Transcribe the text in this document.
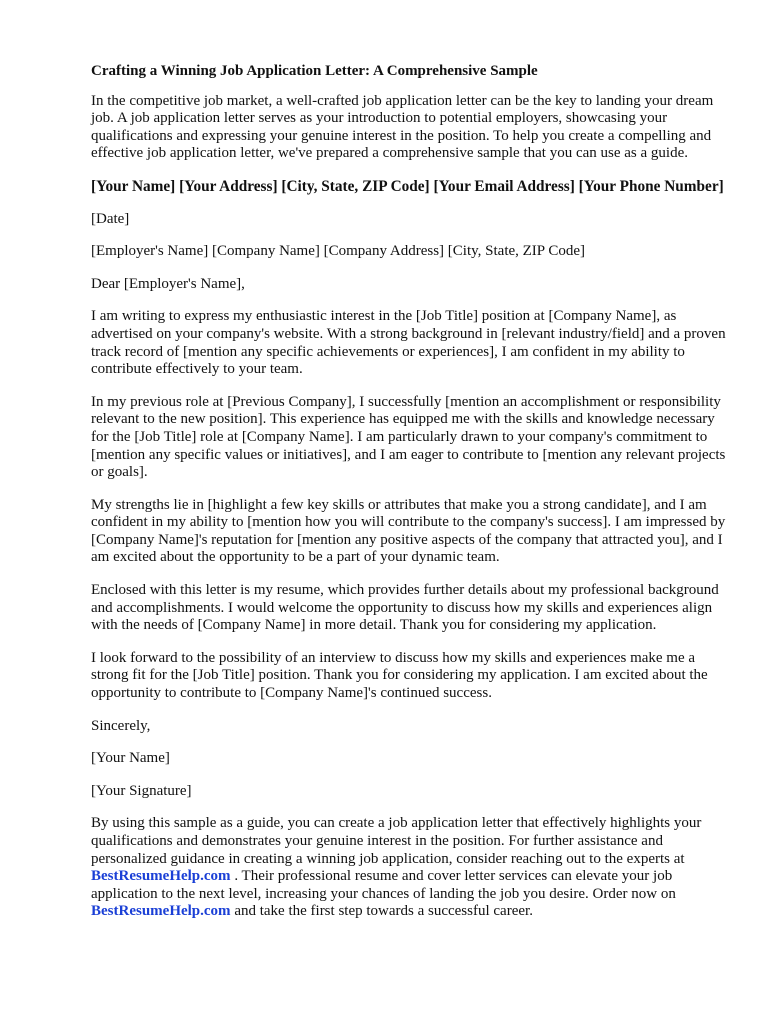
Crafting a Winning Job Application Letter: A Comprehensive Sample

In the competitive job market, a well-crafted job application letter can be the key to landing your dream job. A job application letter serves as your introduction to potential employers, showcasing your qualifications and expressing your genuine interest in the position. To help you create a compelling and effective job application letter, we've prepared a comprehensive sample that you can use as a guide.

[Your Name] [Your Address] [City, State, ZIP Code] [Your Email Address] [Your Phone Number]

[Date]

[Employer's Name] [Company Name] [Company Address] [City, State, ZIP Code]

Dear [Employer's Name],

I am writing to express my enthusiastic interest in the [Job Title] position at [Company Name], as advertised on your company's website. With a strong background in [relevant industry/field] and a proven track record of [mention any specific achievements or experiences], I am confident in my ability to contribute effectively to your team.

In my previous role at [Previous Company], I successfully [mention an accomplishment or responsibility relevant to the new position]. This experience has equipped me with the skills and knowledge necessary for the [Job Title] role at [Company Name]. I am particularly drawn to your company's commitment to [mention any specific values or initiatives], and I am eager to contribute to [mention any relevant projects or goals].

My strengths lie in [highlight a few key skills or attributes that make you a strong candidate], and I am confident in my ability to [mention how you will contribute to the company's success]. I am impressed by [Company Name]'s reputation for [mention any positive aspects of the company that attracted you], and I am excited about the opportunity to be a part of your dynamic team.

Enclosed with this letter is my resume, which provides further details about my professional background and accomplishments. I would welcome the opportunity to discuss how my skills and experiences align with the needs of [Company Name] in more detail. Thank you for considering my application.

I look forward to the possibility of an interview to discuss how my skills and experiences make me a strong fit for the [Job Title] position. Thank you for considering my application. I am excited about the opportunity to contribute to [Company Name]'s continued success.

Sincerely,

[Your Name]

[Your Signature]

By using this sample as a guide, you can create a job application letter that effectively highlights your qualifications and demonstrates your genuine interest in the position. For further assistance and personalized guidance in creating a winning job application, consider reaching out to the experts at BestResumeHelp.com . Their professional resume and cover letter services can elevate your job application to the next level, increasing your chances of landing the job you desire. Order now on BestResumeHelp.com and take the first step towards a successful career.
